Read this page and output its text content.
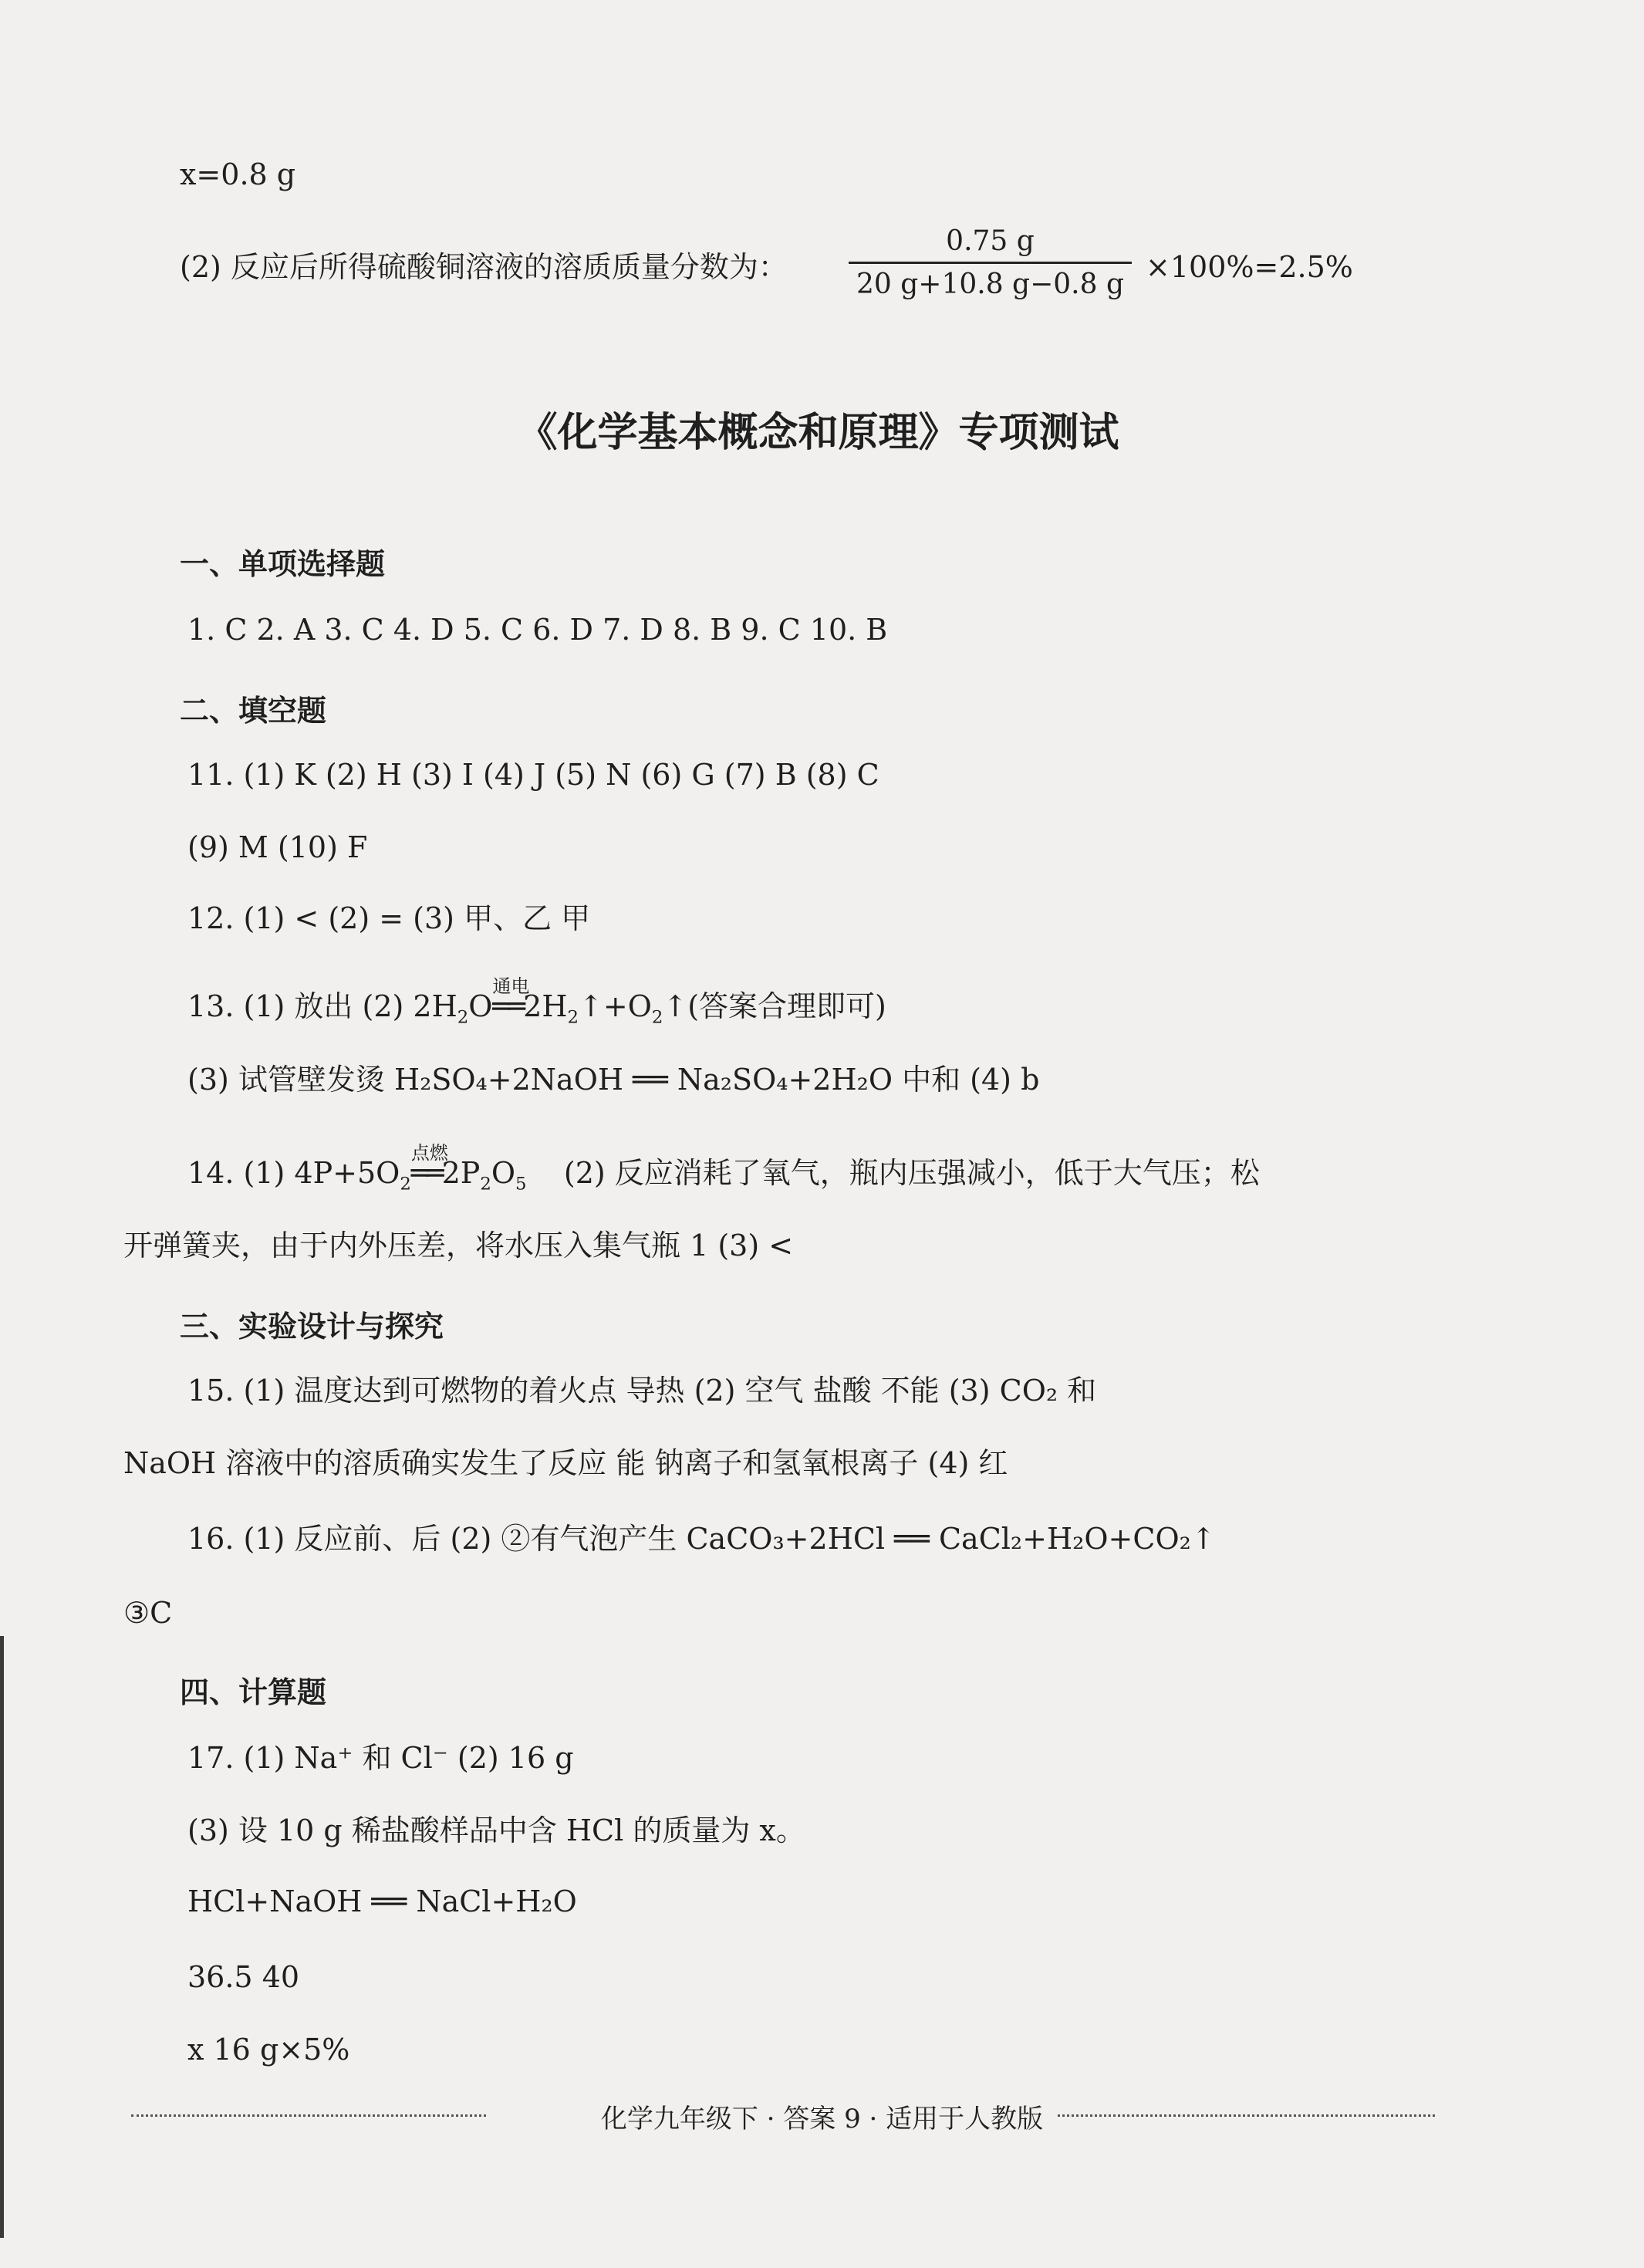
x=0.8 g
(2) 反应后所得硫酸铜溶液的溶质质量分数为： $\frac{0.75 g}{20 g+10.8 g-0.8 g} \times 100\%=2.5\%$
《化学基本概念和原理》专项测试
一、单项选择题
1. C 2. A 3. C 4. D 5. C 6. D 7. D 8. B 9. C 10. B
二、填空题
11. (1) K (2) H (3) I (4) J (5) N (6) G (7) B (8) C
(9) M (10) F
12. (1) < (2) = (3) 甲、乙 甲
13. (1) 放出 (2) $2H_2O$
通电
$══2H_2↑+O_2↑$(答案合理即可)
(3) 试管壁发烫 H₂SO₄+2NaOH ══ Na₂SO₄+2H₂O 中和 (4) b
14. (1) $4P+5O_2$
点燃
$══2P_2O_5$ (2) 反应消耗了氧气，瓶内压强减小，低于大气压；松
开弹簧夹，由于内外压差，将水压入集气瓶 1 (3) <
三、实验设计与探究
15. (1) 温度达到可燃物的着火点 导热 (2) 空气 盐酸 不能 (3) CO₂ 和
NaOH 溶液中的溶质确实发生了反应 能 钠离子和氢氧根离子 (4) 红
16. (1) 反应前、后 (2) ②有气泡产生 CaCO₃+2HCl ══ CaCl₂+H₂O+CO₂↑
③C
四、计算题
17. (1) Na⁺ 和 Cl⁻ (2) 16 g
(3) 设 10 g 稀盐酸样品中含 HCl 的质量为 x。
HCl+NaOH ══ NaCl+H₂O
36.5 40
x 16 g×5%
化学九年级下 · 答案 9 · 适用于人教版
